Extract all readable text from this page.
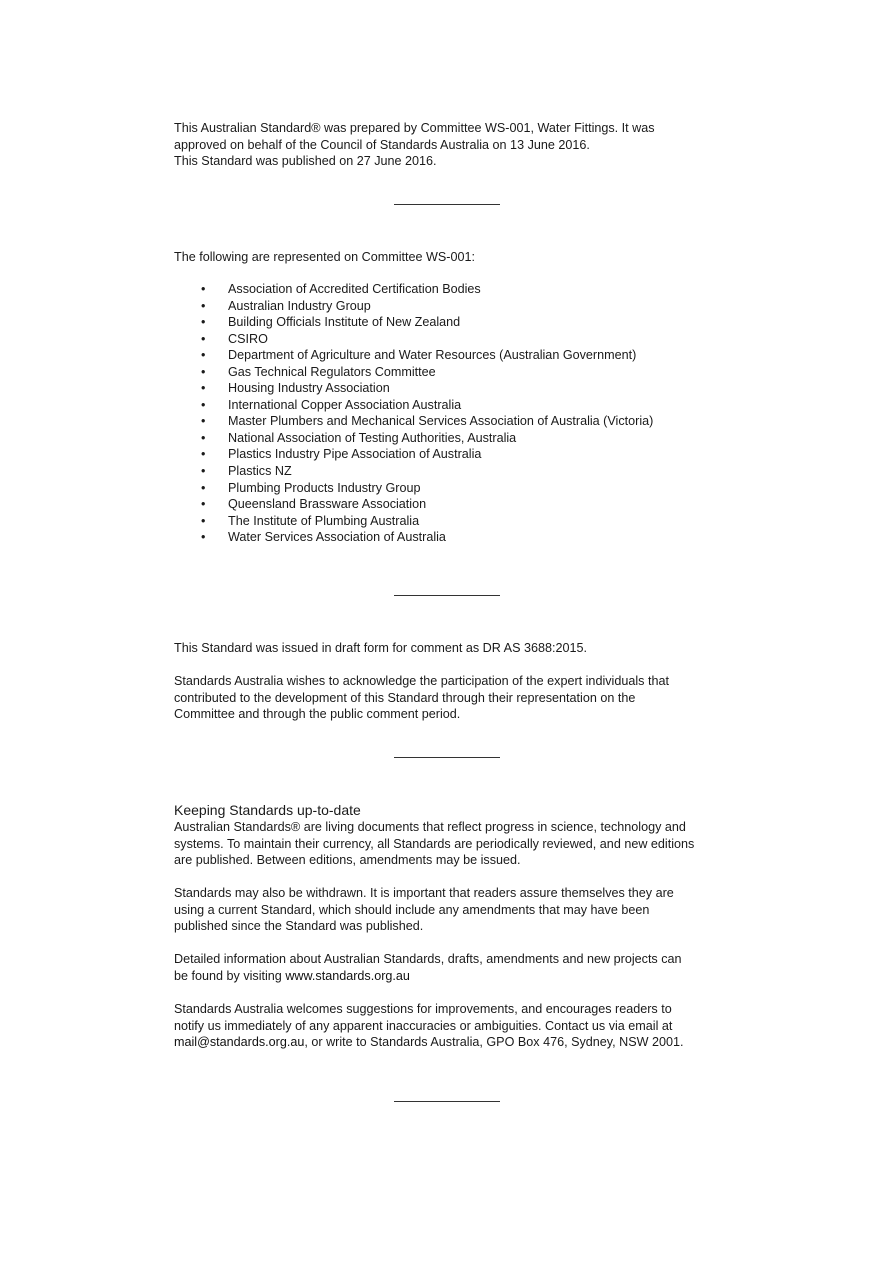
This Australian Standard® was prepared by Committee WS-001, Water Fittings. It was
approved on behalf of the Council of Standards Australia on 13 June 2016.
This Standard was published on 27 June 2016.

The following are represented on Committee WS-001:

• Association of Accredited Certification Bodies
• Australian Industry Group
• Building Officials Institute of New Zealand
• CSIRO
• Department of Agriculture and Water Resources (Australian Government)
• Gas Technical Regulators Committee
• Housing Industry Association
• International Copper Association Australia
• Master Plumbers and Mechanical Services Association of Australia (Victoria)
• National Association of Testing Authorities, Australia
• Plastics Industry Pipe Association of Australia
• Plastics NZ
• Plumbing Products Industry Group
• Queensland Brassware Association
• The Institute of Plumbing Australia
• Water Services Association of Australia

This Standard was issued in draft form for comment as DR AS 3688:2015.

Standards Australia wishes to acknowledge the participation of the expert individuals that
contributed to the development of this Standard through their representation on the
Committee and through the public comment period.

Keeping Standards up-to-date

Australian Standards® are living documents that reflect progress in science, technology and
systems. To maintain their currency, all Standards are periodically reviewed, and new editions
are published. Between editions, amendments may be issued.

Standards may also be withdrawn. It is important that readers assure themselves they are
using a current Standard, which should include any amendments that may have been
published since the Standard was published.

Detailed information about Australian Standards, drafts, amendments and new projects can
be found by visiting www.standards.org.au

Standards Australia welcomes suggestions for improvements, and encourages readers to
notify us immediately of any apparent inaccuracies or ambiguities. Contact us via email at
mail@standards.org.au, or write to Standards Australia, GPO Box 476, Sydney, NSW 2001.
